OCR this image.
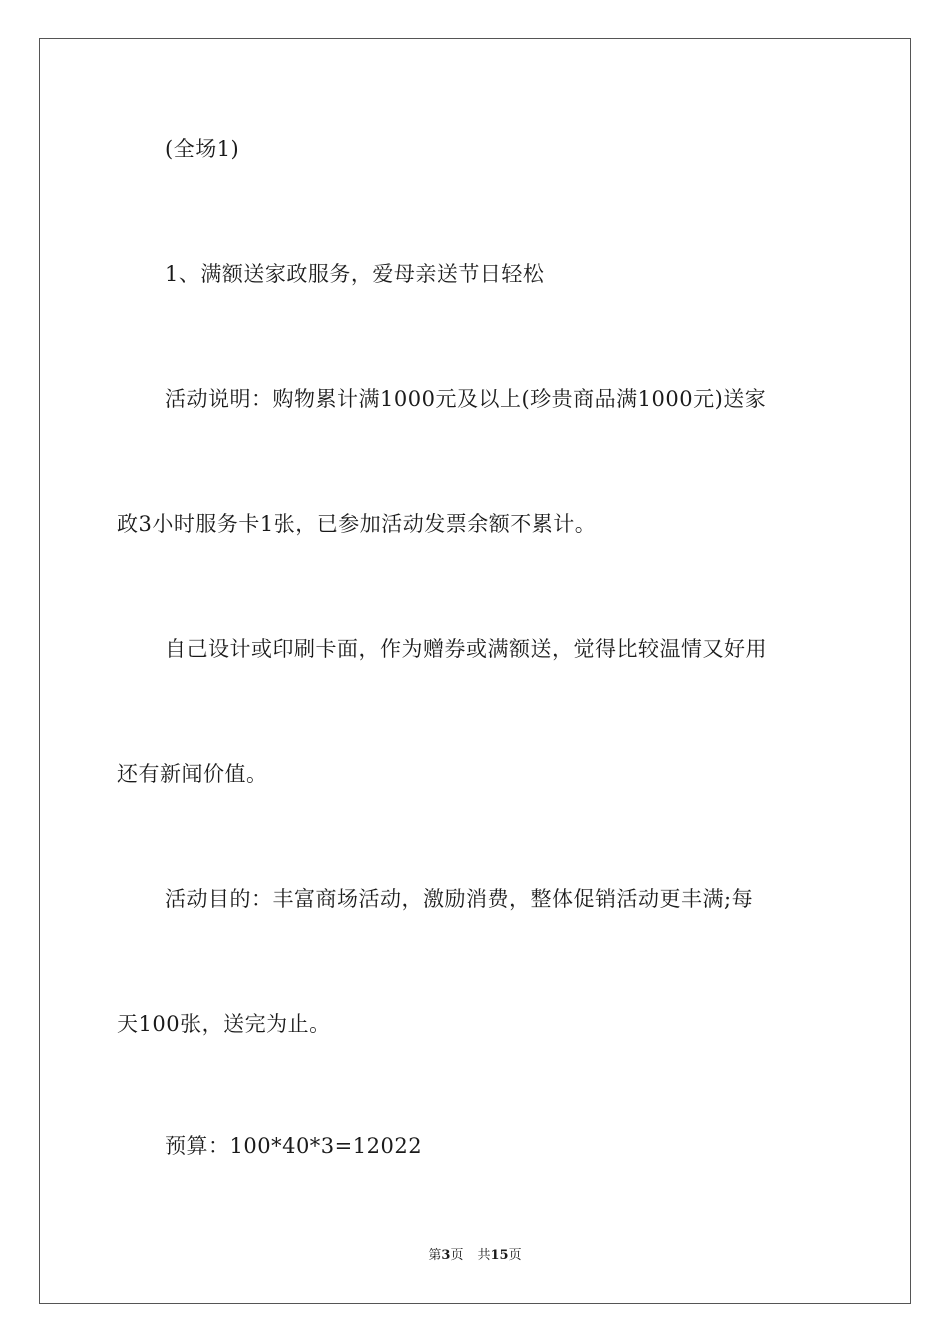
(全场1)
1、满额送家政服务，爱母亲送节日轻松
活动说明：购物累计满1000元及以上(珍贵商品满1000元)送家
政3小时服务卡1张，已参加活动发票余额不累计。
自己设计或印刷卡面，作为赠券或满额送，觉得比较温情又好用
还有新闻价值。
活动目的：丰富商场活动，激励消费，整体促销活动更丰满;每
天100张，送完为止。
预算：100*40*3=12022
第3页 共15页
